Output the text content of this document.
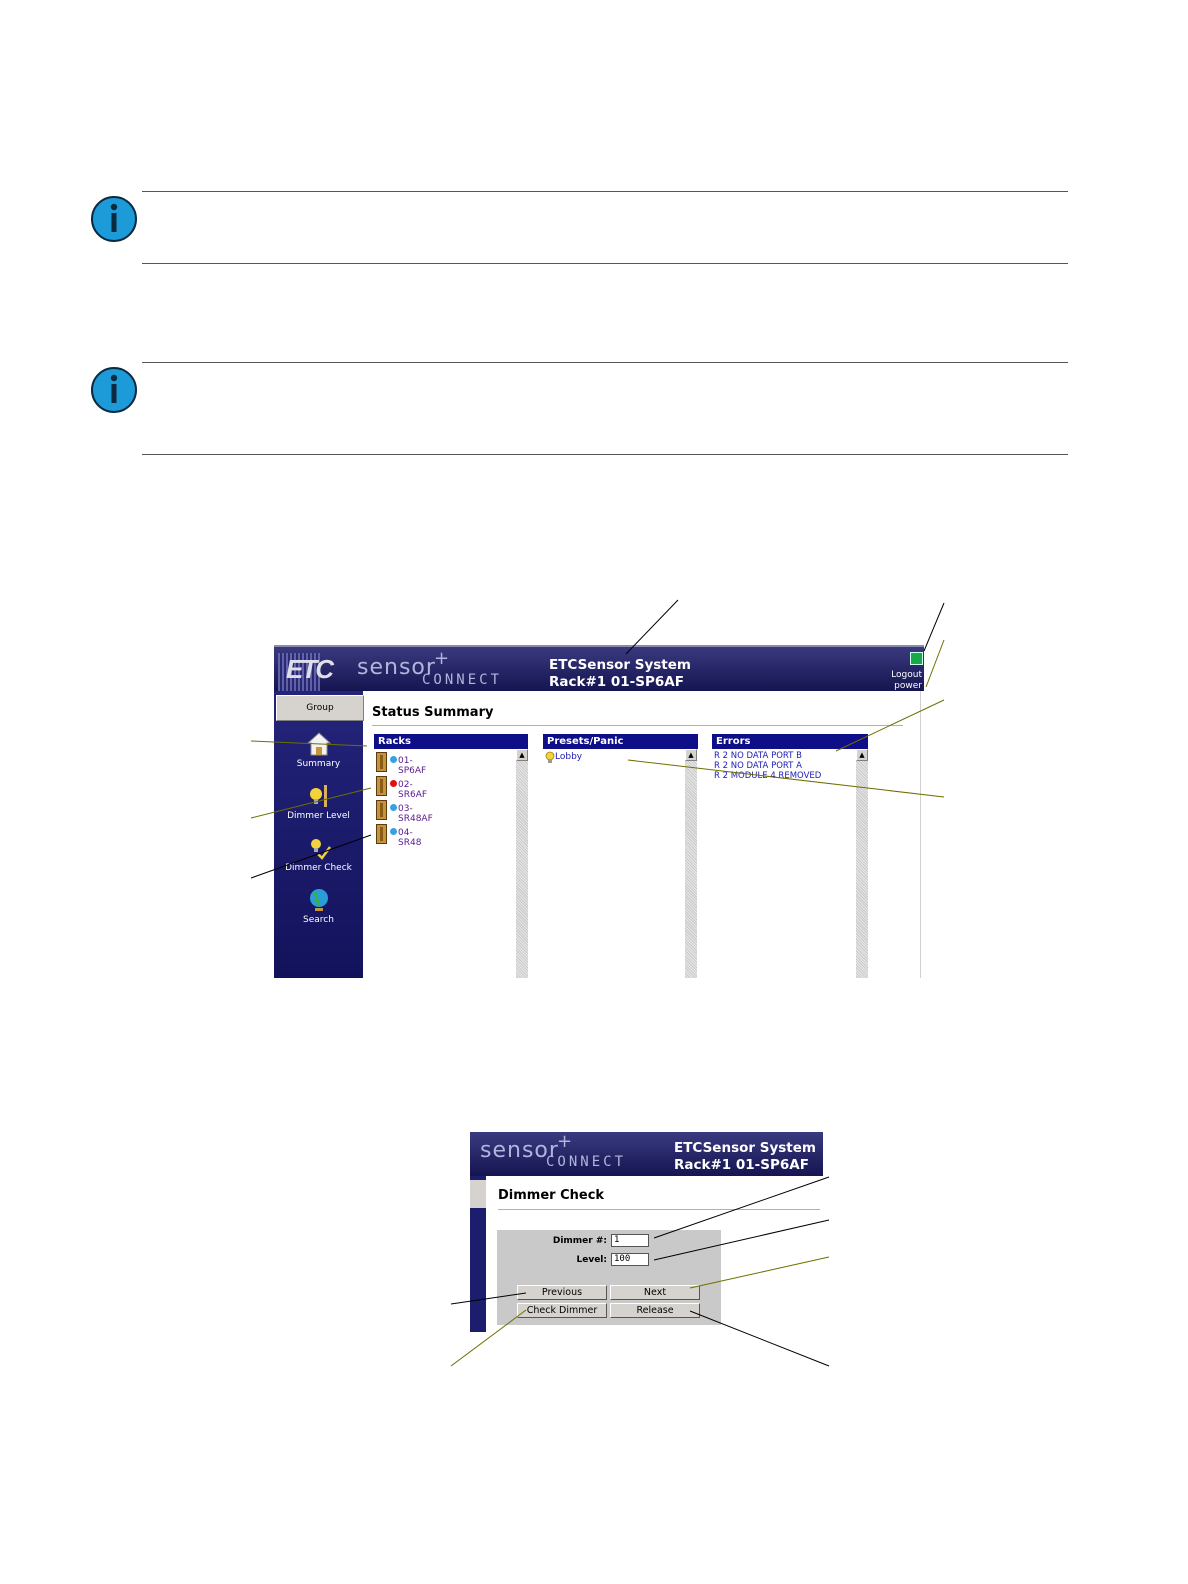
ETC sensor
+
CONNECT
ETCSensor System
Rack#1 01-SP6AF	Logout
power
Group
Summary
Dimmer Level
Dimmer Check
Search
Status Summary
Racks
01-SP6AF
02-SR6AF
03-SR48AF
04-SR48
▲
Presets/Panic
Lobby	▲
Errors
R 2 NO DATA PORT B
R 2 NO DATA PORT A
R 2 MODULE 4 REMOVED
▲
sensor
+
CONNECT
ETCSensor System
Rack#1 01-SP6AF
Dimmer Check
Dimmer #: 1
Level: 100
Previous	Next
Check Dimmer	Release
